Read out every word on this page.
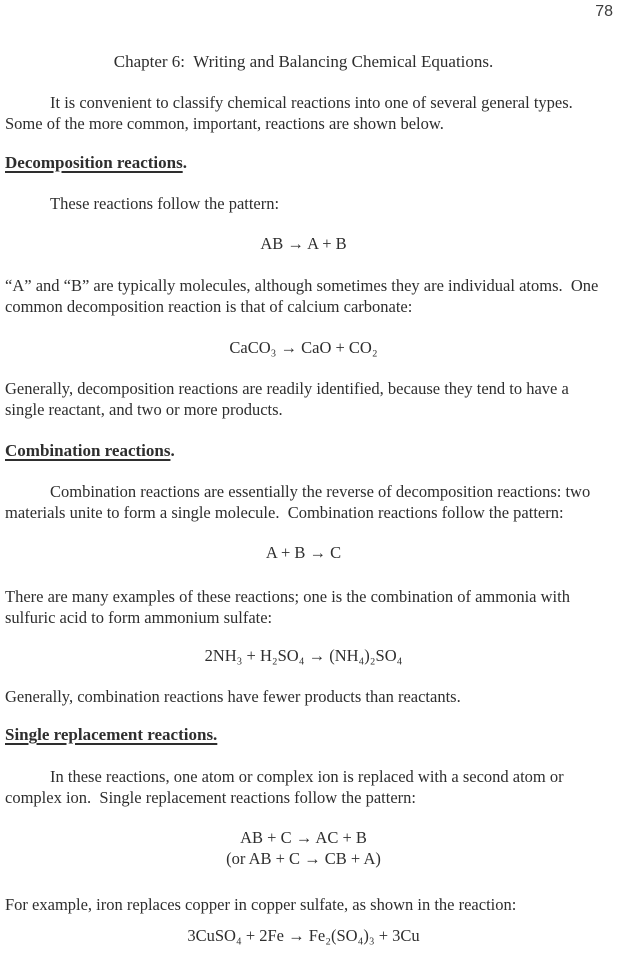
78
Chapter 6:  Writing and Balancing Chemical Equations.

It is convenient to classify chemical reactions into one of several general types.  Some of the more common, important, reactions are shown below.

Decomposition reactions.

These reactions follow the pattern:

AB → A + B

“A” and “B” are typically molecules, although sometimes they are individual atoms.  One common decomposition reaction is that of calcium carbonate:

CaCO₃ → CaO + CO₂

Generally, decomposition reactions are readily identified, because they tend to have a single reactant, and two or more products.

Combination reactions.

Combination reactions are essentially the reverse of decomposition reactions: two materials unite to form a single molecule.  Combination reactions follow the pattern:

A + B → C

There are many examples of these reactions; one is the combination of ammonia with sulfuric acid to form ammonium sulfate:

2NH₃ + H₂SO₄ → (NH₄)₂SO₄

Generally, combination reactions have fewer products than reactants.

Single replacement reactions.

In these reactions, one atom or complex ion is replaced with a second atom or complex ion.  Single replacement reactions follow the pattern:

AB + C → AC + B
(or AB + C → CB + A)

For example, iron replaces copper in copper sulfate, as shown in the reaction:

3CuSO₄ + 2Fe → Fe₂(SO₄)₃ + 3Cu
